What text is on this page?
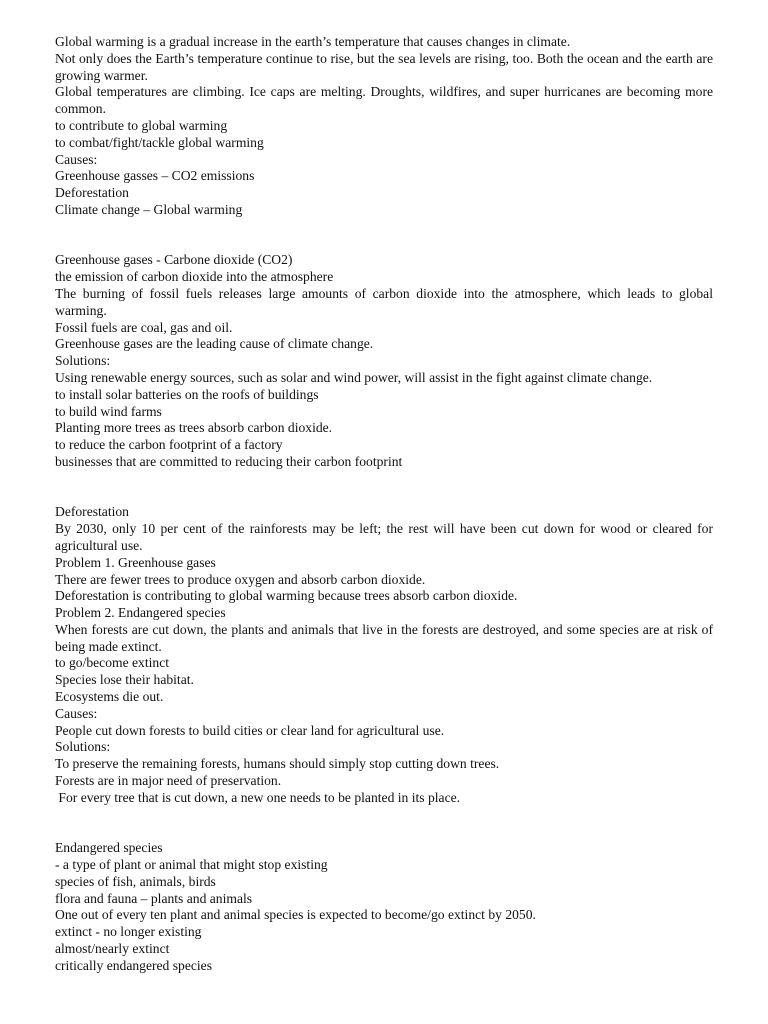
Global warming is a gradual increase in the earth’s temperature that causes changes in climate.
Not only does the Earth’s temperature continue to rise, but the sea levels are rising, too. Both the ocean and the earth are growing warmer.
Global temperatures are climbing. Ice caps are melting. Droughts, wildfires, and super hurricanes are becoming more common.
to contribute to global warming
to combat/fight/tackle global warming
Causes:
Greenhouse gasses – CO2 emissions
Deforestation
Climate change – Global warming
Greenhouse gases - Carbone dioxide (CO2)
the emission of carbon dioxide into the atmosphere
The burning of fossil fuels releases large amounts of carbon dioxide into the atmosphere, which leads to global warming.
Fossil fuels are coal, gas and oil.
Greenhouse gases are the leading cause of climate change.
Solutions:
Using renewable energy sources, such as solar and wind power, will assist in the fight against climate change.
to install solar batteries on the roofs of buildings
to build wind farms
Planting more trees as trees absorb carbon dioxide.
to reduce the carbon footprint of a factory
businesses that are committed to reducing their carbon footprint
Deforestation
By 2030, only 10 per cent of the rainforests may be left; the rest will have been cut down for wood or cleared for agricultural use.
Problem 1. Greenhouse gases
There are fewer trees to produce oxygen and absorb carbon dioxide.
Deforestation is contributing to global warming because trees absorb carbon dioxide.
Problem 2. Endangered species
When forests are cut down, the plants and animals that live in the forests are destroyed, and some species are at risk of being made extinct.
to go/become extinct
Species lose their habitat.
Ecosystems die out.
Causes:
People cut down forests to build cities or clear land for agricultural use.
Solutions:
To preserve the remaining forests, humans should simply stop cutting down trees.
Forests are in major need of preservation.
For every tree that is cut down, a new one needs to be planted in its place.
Endangered species
- a type of plant or animal that might stop existing
species of fish, animals, birds
flora and fauna – plants and animals
One out of every ten plant and animal species is expected to become/go extinct by 2050.
extinct - no longer existing
almost/nearly extinct
critically endangered species
